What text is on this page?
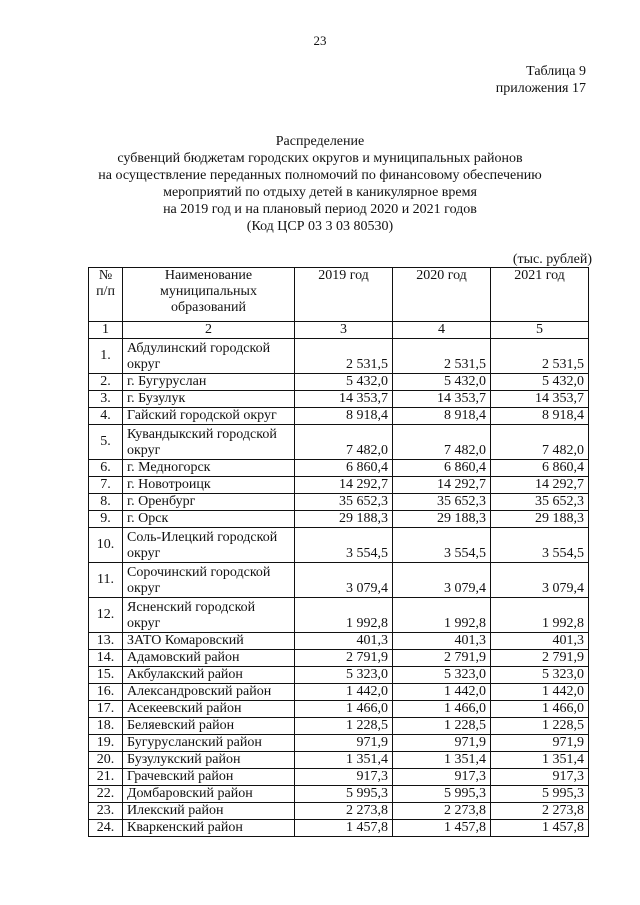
23
Таблица 9
приложения 17
Распределение
субвенций бюджетам городских округов и муниципальных районов
на осуществление переданных полномочий по финансовому обеспечению
мероприятий по отдыху детей в каникулярное время
на 2019 год и на плановый период 2020 и 2021 годов
(Код ЦСР 03 3 03 80530)
(тыс. рублей)
№ п/п	Наименование муниципальных образований	2019 год	2020 год	2021 год
1	2	3	4	5
1.	Абдулинский городской округ	2 531,5	2 531,5	2 531,5
2.	г. Бугуруслан	5 432,0	5 432,0	5 432,0
3.	г. Бузулук	14 353,7	14 353,7	14 353,7
4.	Гайский городской округ	8 918,4	8 918,4	8 918,4
5.	Кувандыкский городской округ	7 482,0	7 482,0	7 482,0
6.	г. Медногорск	6 860,4	6 860,4	6 860,4
7.	г. Новотроицк	14 292,7	14 292,7	14 292,7
8.	г. Оренбург	35 652,3	35 652,3	35 652,3
9.	г. Орск	29 188,3	29 188,3	29 188,3
10.	Соль-Илецкий городской округ	3 554,5	3 554,5	3 554,5
11.	Сорочинский городской округ	3 079,4	3 079,4	3 079,4
12.	Ясненский городской округ	1 992,8	1 992,8	1 992,8
13.	ЗАТО Комаровский	401,3	401,3	401,3
14.	Адамовский район	2 791,9	2 791,9	2 791,9
15.	Акбулакский район	5 323,0	5 323,0	5 323,0
16.	Александровский район	1 442,0	1 442,0	1 442,0
17.	Асекеевский район	1 466,0	1 466,0	1 466,0
18.	Беляевский район	1 228,5	1 228,5	1 228,5
19.	Бугурусланский район	971,9	971,9	971,9
20.	Бузулукский район	1 351,4	1 351,4	1 351,4
21.	Грачевский район	917,3	917,3	917,3
22.	Домбаровский район	5 995,3	5 995,3	5 995,3
23.	Илекский район	2 273,8	2 273,8	2 273,8
24.	Кваркенский район	1 457,8	1 457,8	1 457,8
